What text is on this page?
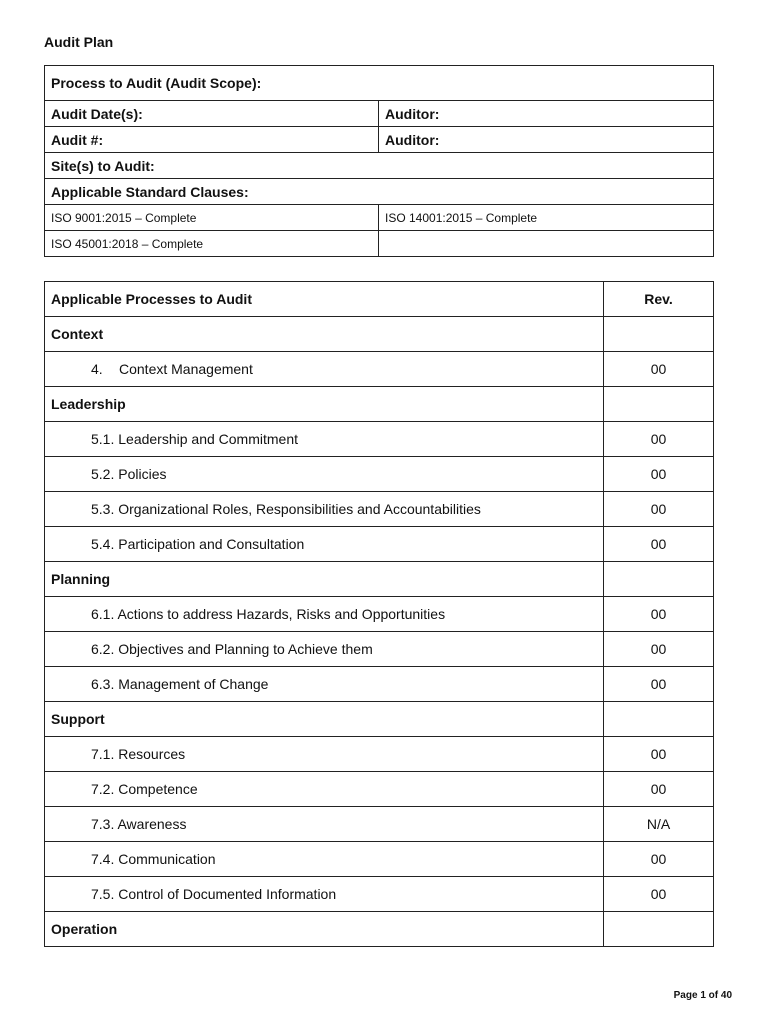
Audit Plan
Process to Audit (Audit Scope):	
Audit Date(s):	Auditor:
Audit #:	Auditor:
Site(s) to Audit:	
Applicable Standard Clauses:	
ISO 9001:2015 – Complete	ISO 14001:2015 – Complete
ISO 45001:2018 – Complete	
Applicable Processes to Audit	Rev.
Context	
4. Context Management	00
Leadership	
5.1. Leadership and Commitment	00
5.2. Policies	00
5.3. Organizational Roles, Responsibilities and Accountabilities	00
5.4. Participation and Consultation	00
Planning	
6.1. Actions to address Hazards, Risks and Opportunities	00
6.2. Objectives and Planning to Achieve them	00
6.3. Management of Change	00
Support	
7.1. Resources	00
7.2. Competence	00
7.3. Awareness	N/A
7.4. Communication	00
7.5. Control of Documented Information	00
Operation	
Page 1 of 40
